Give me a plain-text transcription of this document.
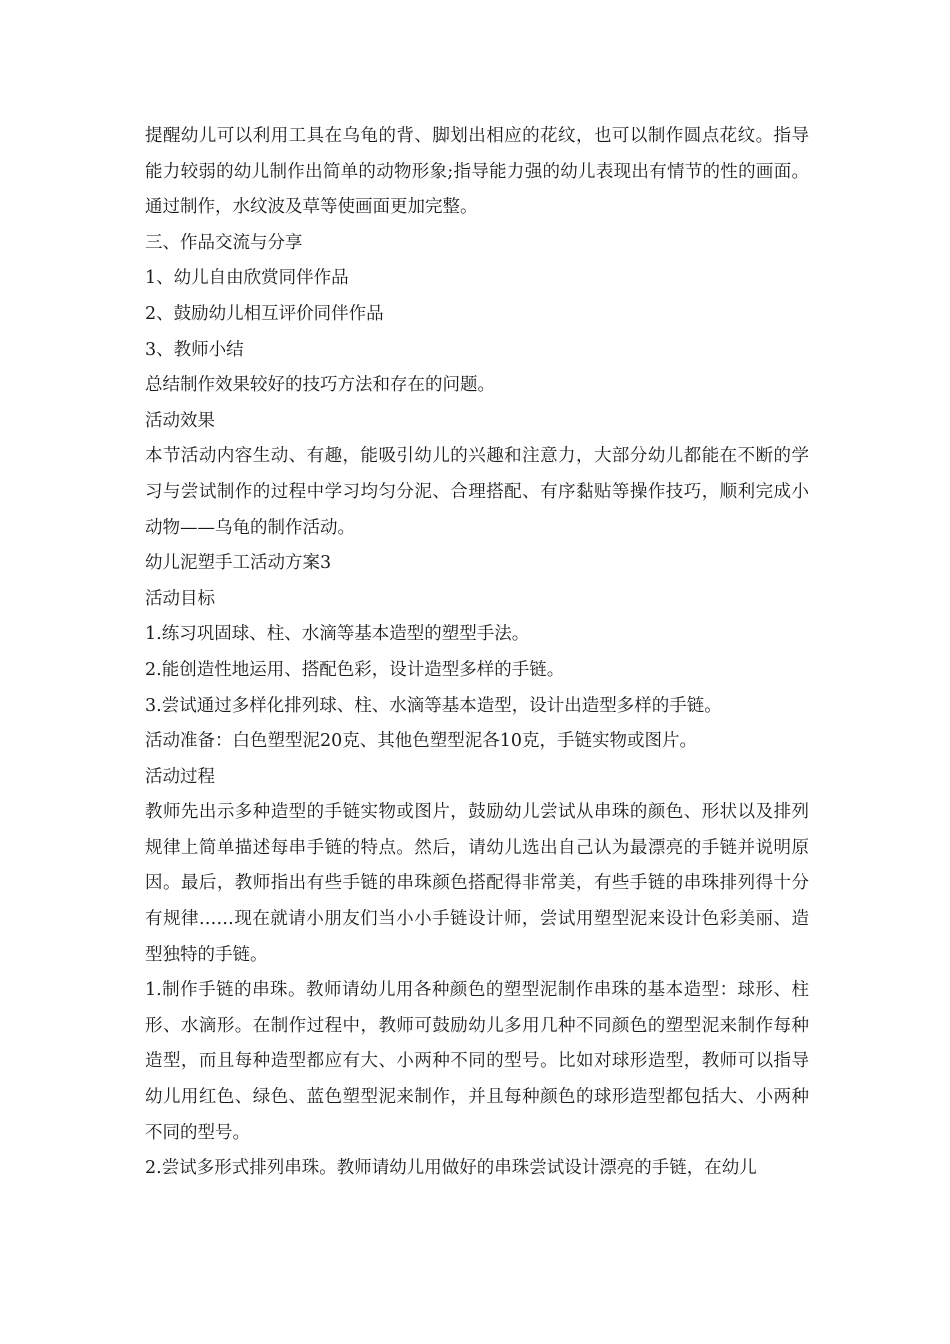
提醒幼儿可以利用工具在乌龟的背、脚划出相应的花纹，也可以制作圆点花纹。指导能力较弱的幼儿制作出简单的动物形象;指导能力强的幼儿表现出有情节的性的画面。通过制作，水纹波及草等使画面更加完整。

三、作品交流与分享

1、幼儿自由欣赏同伴作品

2、鼓励幼儿相互评价同伴作品

3、教师小结

总结制作效果较好的技巧方法和存在的问题。

活动效果

本节活动内容生动、有趣，能吸引幼儿的兴趣和注意力，大部分幼儿都能在不断的学习与尝试制作的过程中学习均匀分泥、合理搭配、有序黏贴等操作技巧，顺利完成小动物——乌龟的制作活动。

幼儿泥塑手工活动方案3

活动目标

1.练习巩固球、柱、水滴等基本造型的塑型手法。

2.能创造性地运用、搭配色彩，设计造型多样的手链。

3.尝试通过多样化排列球、柱、水滴等基本造型，设计出造型多样的手链。

活动准备：白色塑型泥20克、其他色塑型泥各10克，手链实物或图片。

活动过程

教师先出示多种造型的手链实物或图片，鼓励幼儿尝试从串珠的颜色、形状以及排列规律上简单描述每串手链的特点。然后，请幼儿选出自己认为最漂亮的手链并说明原因。最后，教师指出有些手链的串珠颜色搭配得非常美，有些手链的串珠排列得十分有规律……现在就请小朋友们当小小手链设计师，尝试用塑型泥来设计色彩美丽、造型独特的手链。

1.制作手链的串珠。教师请幼儿用各种颜色的塑型泥制作串珠的基本造型：球形、柱形、水滴形。在制作过程中，教师可鼓励幼儿多用几种不同颜色的塑型泥来制作每种造型，而且每种造型都应有大、小两种不同的型号。比如对球形造型，教师可以指导幼儿用红色、绿色、蓝色塑型泥来制作，并且每种颜色的球形造型都包括大、小两种不同的型号。

2.尝试多形式排列串珠。教师请幼儿用做好的串珠尝试设计漂亮的手链，在幼儿
